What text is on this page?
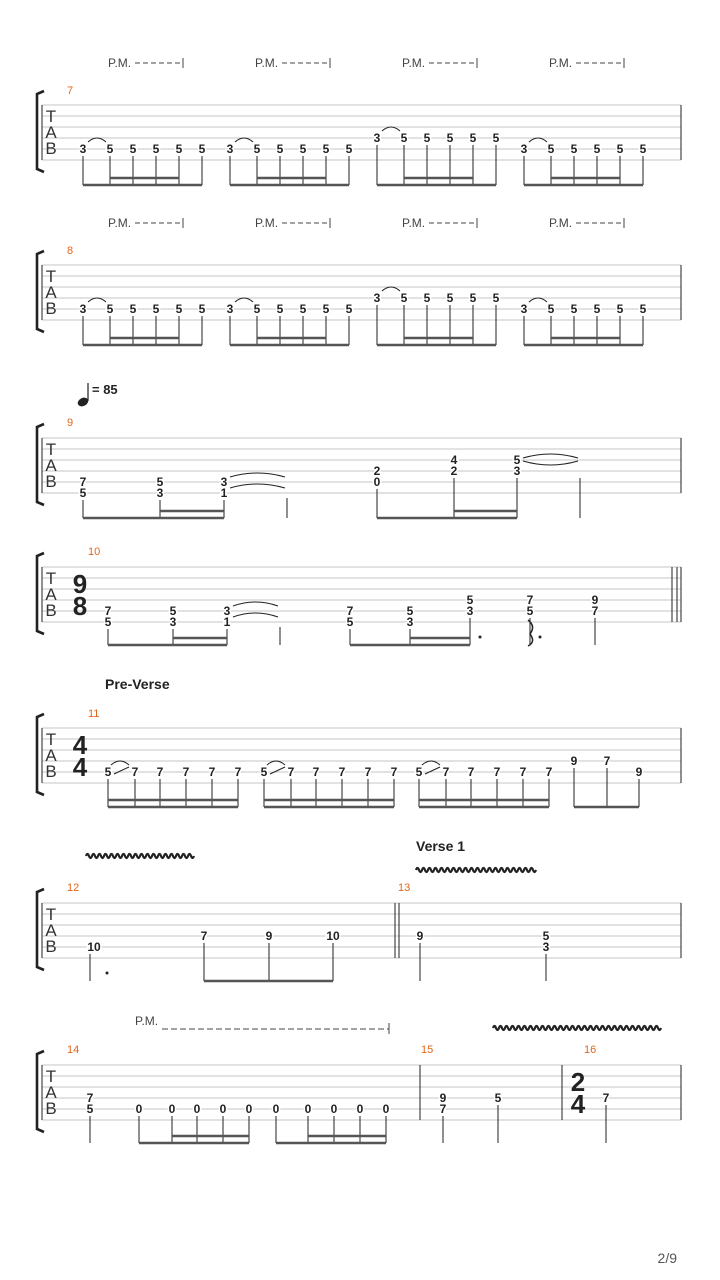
T
A
B
7
P.M.	P.M.	P.M.	P.M.
3 5 5 5 5 5 3 5 5 5 5 5
3 5 5 5 5 5
3 5 5 5 5 5
T
A
B
8
P.M.	P.M.	P.M.	P.M.
3 5 5 5 5 5 3 5 5 5 5 5
3 5 5 5 5 5
3 5 5 5 5 5
= 85
T
A
B
9
7
5
5
3
3
1
2
0
4
2
5
3
T
A
B
10
9
8 7
5
5
3
3
1
7
5
5
3
5
3
7
5
9
7
Pre-Verse
T
A
B
11
4
4 5 7 7 7 7 7 5 7 7 7 7 7 5 7 7 7 7 7
9 7
9
Verse 1
T
A
B
12	13
10
7	9	10	9	5
3
P.M.
T
A
B
14	15	16
7
5	0 0 0 0 0 0 0 0 0 0
9
7
5
2
4 7
2/9
